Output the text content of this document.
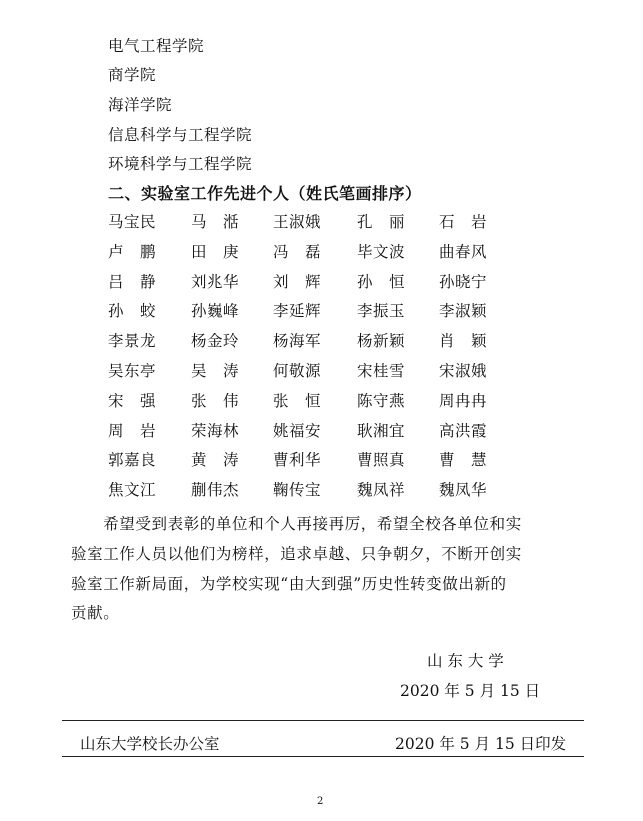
电气工程学院
商学院
海洋学院
信息科学与工程学院
环境科学与工程学院
二、实验室工作先进个人（姓氏笔画排序）
马宝民 马　湉 王淑娥 孔　丽 石　岩
卢　鹏 田　庚 冯　磊 毕文波 曲春风
吕　静 刘兆华 刘　辉 孙　恒 孙晓宁
孙　蛟 孙巍峰 李延辉 李振玉 李淑颖
李景龙 杨金玲 杨海军 杨新颖 肖　颖
吴东亭 吴　涛 何敬源 宋桂雪 宋淑娥
宋　强 张　伟 张　恒 陈守燕 周冉冉
周　岩 荣海林 姚福安 耿湘宜 高洪霞
郭嘉良 黄　涛 曹利华 曹照真 曹　慧
焦文江 蒯伟杰 鞠传宝 魏凤祥 魏凤华
　　希望受到表彰的单位和个人再接再厉，希望全校各单位和实
验室工作人员以他们为榜样，追求卓越、只争朝夕，不断开创实
验室工作新局面，为学校实现“由大到强”历史性转变做出新的
贡献。
山 东 大 学
2020 年 5 月 15 日
山东大学校长办公室	2020 年 5 月 15 日印发
2
